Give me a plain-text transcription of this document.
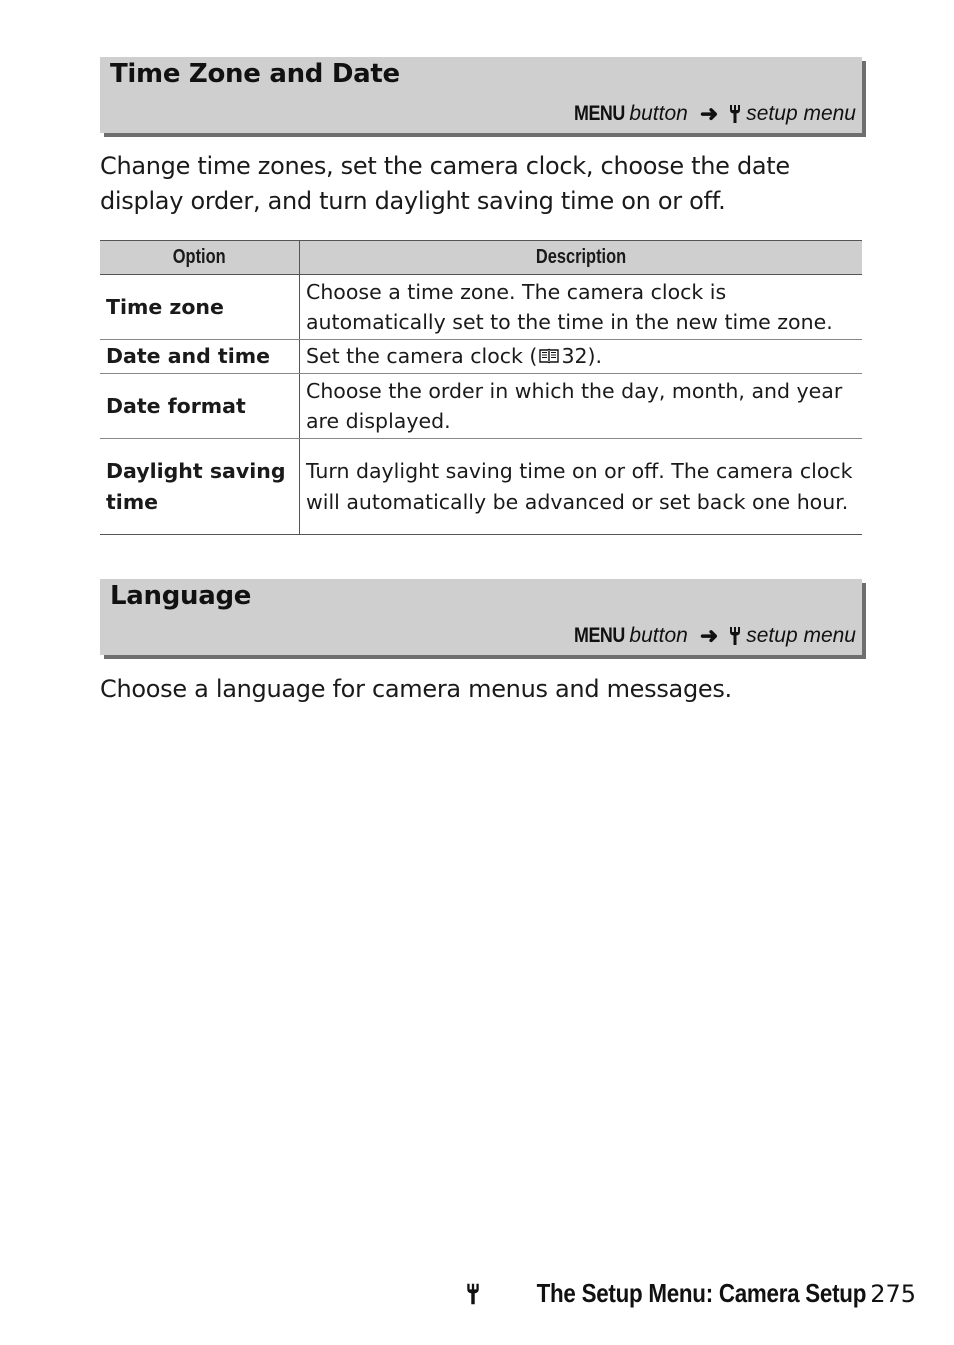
Time Zone and Date
MENU button ➜ setup menu
Change time zones, set the camera clock, choose the date display order, and turn daylight saving time on or off.
Option	Description
Time zone	Choose a time zone. The camera clock is automatically set to the time in the new time zone.
Date and time	Set the camera clock ( 32).
Date format	Choose the order in which the day, month, and year are displayed.
Daylight saving time	Turn daylight saving time on or off. The camera clock will automatically be advanced or set back one hour.
Language
MENU button ➜ setup menu
Choose a language for camera menus and messages.
The Setup Menu: Camera Setup 275
